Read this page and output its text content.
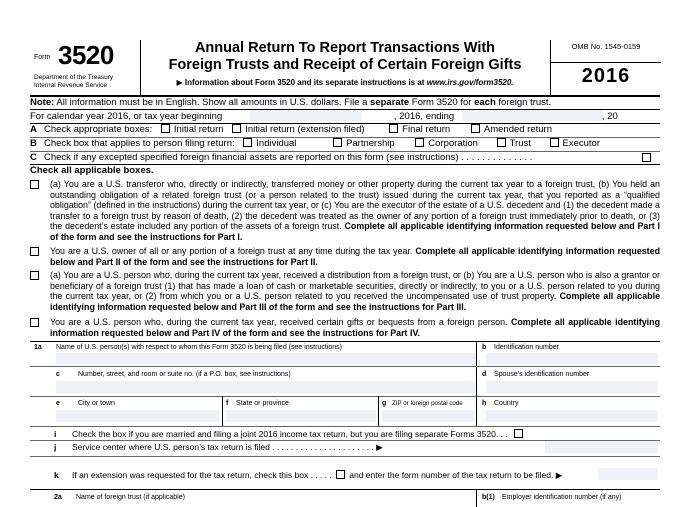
Form 3520
Department of the Treasury
Internal Revenue Service
Annual Return To Report Transactions With
Foreign Trusts and Receipt of Certain Foreign Gifts
▶ Information about Form 3520 and its separate instructions is at www.irs.gov/form3520.
OMB No. 1545-0159
2016
Note: All information must be in English. Show all amounts in U.S. dollars. File a separate Form 3520 for each foreign trust.
For calendar year 2016, or tax year beginning	, 2016, ending	, 20
A Check appropriate boxes: Initial return Initial return (extension filed)	Final return	Amended return
B Check box that applies to person filing return: Individual	Partnership	Corporation	Trust	Executor
C Check if any excepted specified foreign financial assets are reported on this form (see instructions) . . . . . . . . . . . . . .
Check all applicable boxes.
(a) You are a U.S. transferor who, directly or indirectly, transferred money or other property during the current tax year to a foreign trust, (b) You held an outstanding obligation of a related foreign trust (or a person related to the trust) issued during the current tax year, that you reported as a “qualified obligation” (defined in the instructions) during the current tax year, or (c) You are the executor of the estate of a U.S. decedent and (1) the decedent made a transfer to a foreign trust by reason of death, (2) the decedent was treated as the owner of any portion of a foreign trust immediately prior to death, or (3) the decedent’s estate included any portion of the assets of a foreign trust. Complete all applicable identifying information requested below and Part I of the form and see the instructions for Part I.
You are a U.S. owner of all or any portion of a foreign trust at any time during the tax year. Complete all applicable identifying information requested below and Part II of the form and see the instructions for Part II.
(a) You are a U.S. person who, during the current tax year, received a distribution from a foreign trust, or (b) You are a U.S. person who is also a grantor or beneficiary of a foreign trust (1) that has made a loan of cash or marketable securities, directly or indirectly, to you or a U.S. person related to you during the current tax year, or (2) from which you or a U.S. person related to you received the uncompensated use of trust property. Complete all applicable identifying information requested below and Part III of the form and see the instructions for Part III.
You are a U.S. person who, during the current tax year, received certain gifts or bequests from a foreign person. Complete all applicable identifying information requested below and Part IV of the form and see the instructions for Part IV.
1a Name of U.S. person(s) with respect to whom this Form 3520 is being filed (see instructions)	b Identification number
c	Number, street, and room or suite no. (if a P.O. box, see instructions)	d Spouse’s identification number
e	City or town	f State or province	g ZIP or foreign postal code	h Country
i Check the box if you are married and filing a joint 2016 income tax return, but you are filing separate Forms 3520. . .
j Service center where U.S. person’s tax return is filed . . . . . . . . . . . . . . . . . . . . . . ▶
k If an extension was requested for the tax return, check this box . . . . . and enter the form number of the tax return to be filed. ▶
2a Name of foreign trust (if applicable)	b(1) Employer identification number (if any)
